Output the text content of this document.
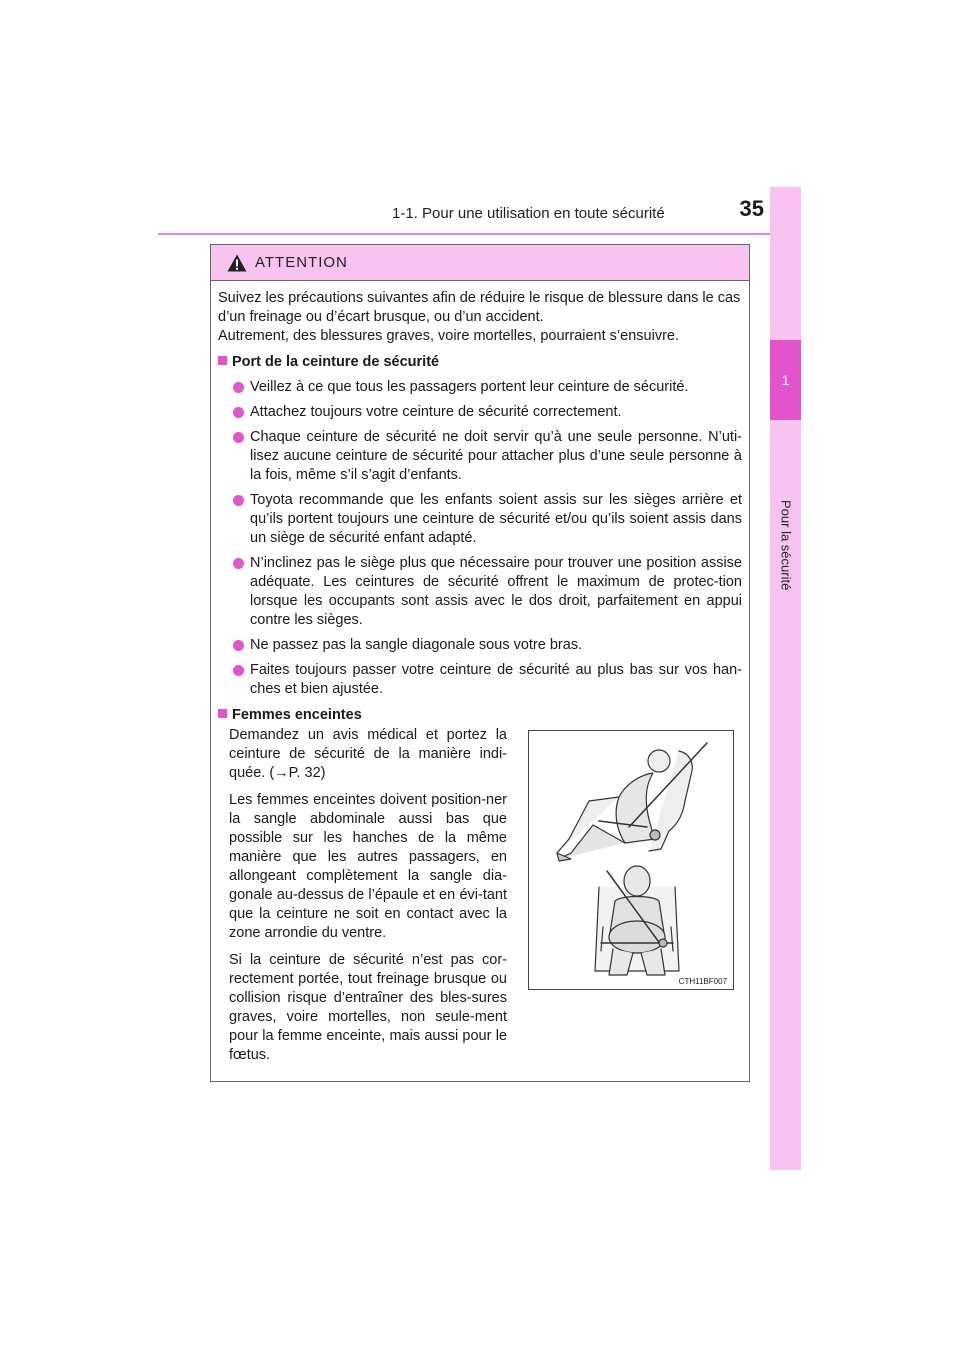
1-1. Pour une utilisation en toute sécurité	35
1
Pour la sécurité
ATTENTION

Suivez les précautions suivantes afin de réduire le risque de blessure dans le cas d’un freinage ou d’écart brusque, ou d’un accident.

Autrement, des blessures graves, voire mortelles, pourraient s’ensuivre.

Port de la ceinture de sécurité
Veillez à ce que tous les passagers portent leur ceinture de sécurité.
Attachez toujours votre ceinture de sécurité correctement.
Chaque ceinture de sécurité ne doit servir qu’à une seule personne. N’uti-lisez aucune ceinture de sécurité pour attacher plus d’une seule personne à la fois, même s’il s’agit d’enfants.
Toyota recommande que les enfants soient assis sur les sièges arrière et qu’ils portent toujours une ceinture de sécurité et/ou qu’ils soient assis dans un siège de sécurité enfant adapté.
N’inclinez pas le siège plus que nécessaire pour trouver une position assise adéquate. Les ceintures de sécurité offrent le maximum de protec-tion lorsque les occupants sont assis avec le dos droit, parfaitement en appui contre les sièges.
Ne passez pas la sangle diagonale sous votre bras.
Faites toujours passer votre ceinture de sécurité au plus bas sur vos han-ches et bien ajustée.
Femmes enceintes

Demandez un avis médical et portez la ceinture de sécurité de la manière indi-quée. (→P. 32)

Les femmes enceintes doivent position-ner la sangle abdominale aussi bas que possible sur les hanches de la même manière que les autres passagers, en allongeant complètement la sangle dia-gonale au-dessus de l’épaule et en évi-tant que la ceinture ne soit en contact avec la zone arrondie du ventre.

Si la ceinture de sécurité n’est pas cor-rectement portée, tout freinage brusque ou collision risque d’entraîner des bles-sures graves, voire mortelles, non seule-ment pour la femme enceinte, mais aussi pour le fœtus.

CTH11BF007
